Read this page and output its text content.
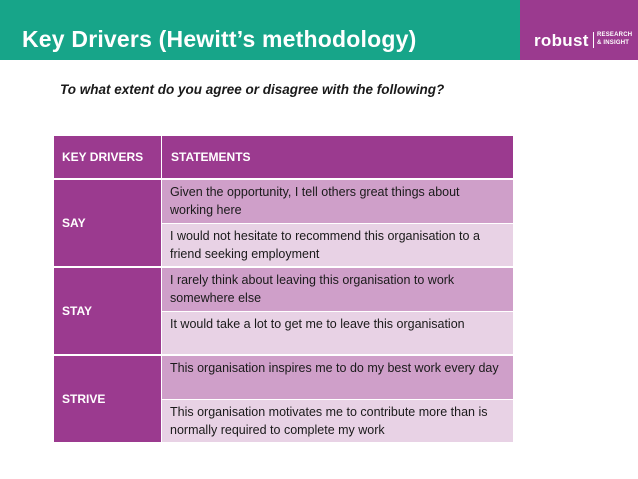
Key Drivers (Hewitt’s methodology)	robust RESEARCH
& INSIGHT
To what extent do you agree or disagree with the following?
KEY DRIVERS	STATEMENTS
SAY
Given the opportunity, I tell others great things about working here
I would not hesitate to recommend this organisation to a friend seeking employment
STAY
I rarely think about leaving this organisation to work somewhere else
It would take a lot to get me to leave this organisation
STRIVE
This organisation inspires me to do my best work every day
This organisation motivates me to contribute more than is normally required to complete my work
